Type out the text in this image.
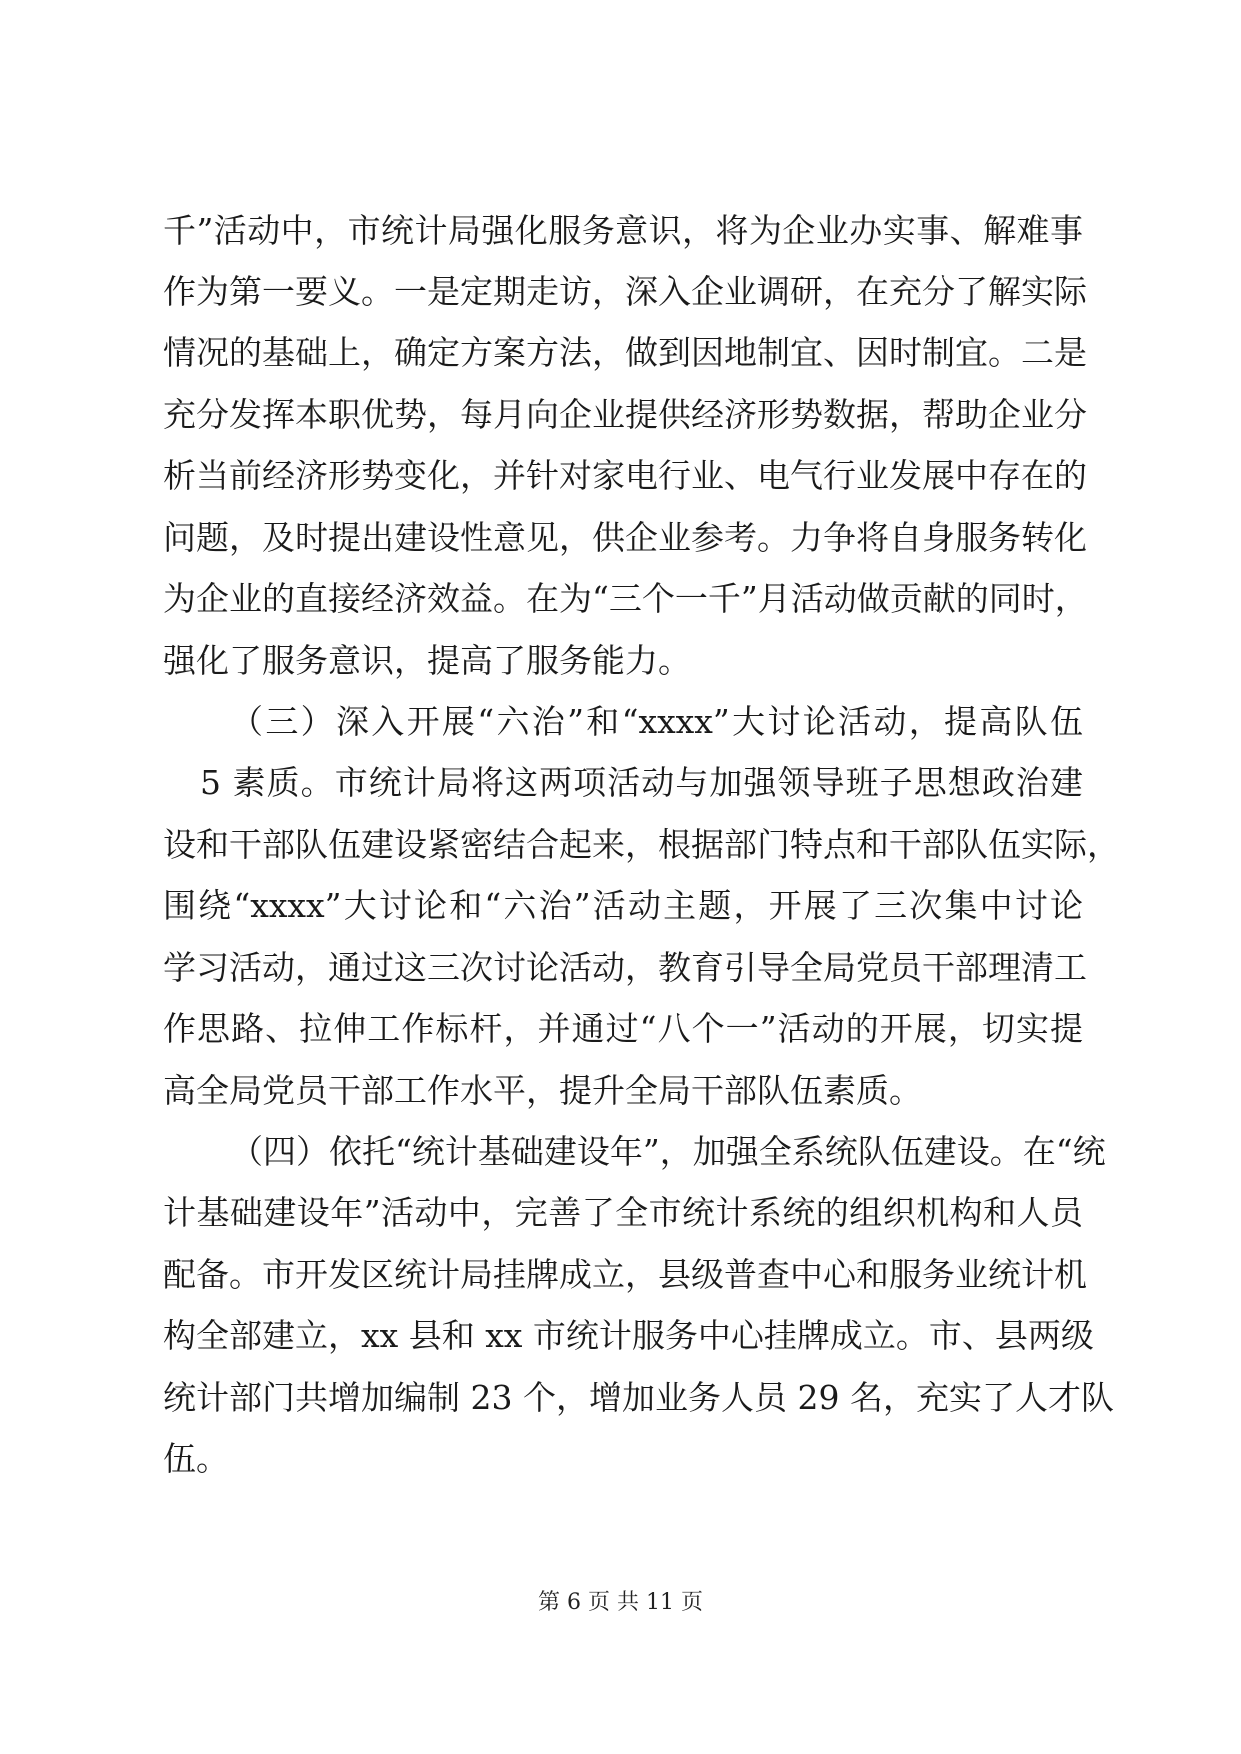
千”活动中，市统计局强化服务意识，将为企业办实事、解难事
作为第一要义。一是定期走访，深入企业调研，在充分了解实际
情况的基础上，确定方案方法，做到因地制宜、因时制宜。二是
充分发挥本职优势，每月向企业提供经济形势数据，帮助企业分
析当前经济形势变化，并针对家电行业、电气行业发展中存在的
问题，及时提出建设性意见，供企业参考。力争将自身服务转化
为企业的直接经济效益。在为“三个一千”月活动做贡献的同时，
强化了服务意识，提高了服务能力。
（三）深入开展“六治”和“xxxx”大讨论活动，提高队伍
5 素质。市统计局将这两项活动与加强领导班子思想政治建
设和干部队伍建设紧密结合起来，根据部门特点和干部队伍实际，
围绕“xxxx”大讨论和“六治”活动主题，开展了三次集中讨论
学习活动，通过这三次讨论活动，教育引导全局党员干部理清工
作思路、拉伸工作标杆，并通过“八个一”活动的开展，切实提
高全局党员干部工作水平，提升全局干部队伍素质。
（四）依托“统计基础建设年”，加强全系统队伍建设。在“统
计基础建设年”活动中，完善了全市统计系统的组织机构和人员
配备。市开发区统计局挂牌成立，县级普查中心和服务业统计机
构全部建立，xx 县和 xx 市统计服务中心挂牌成立。市、县两级
统计部门共增加编制 23 个，增加业务人员 29 名，充实了人才队
伍。
第 6 页 共 11 页
